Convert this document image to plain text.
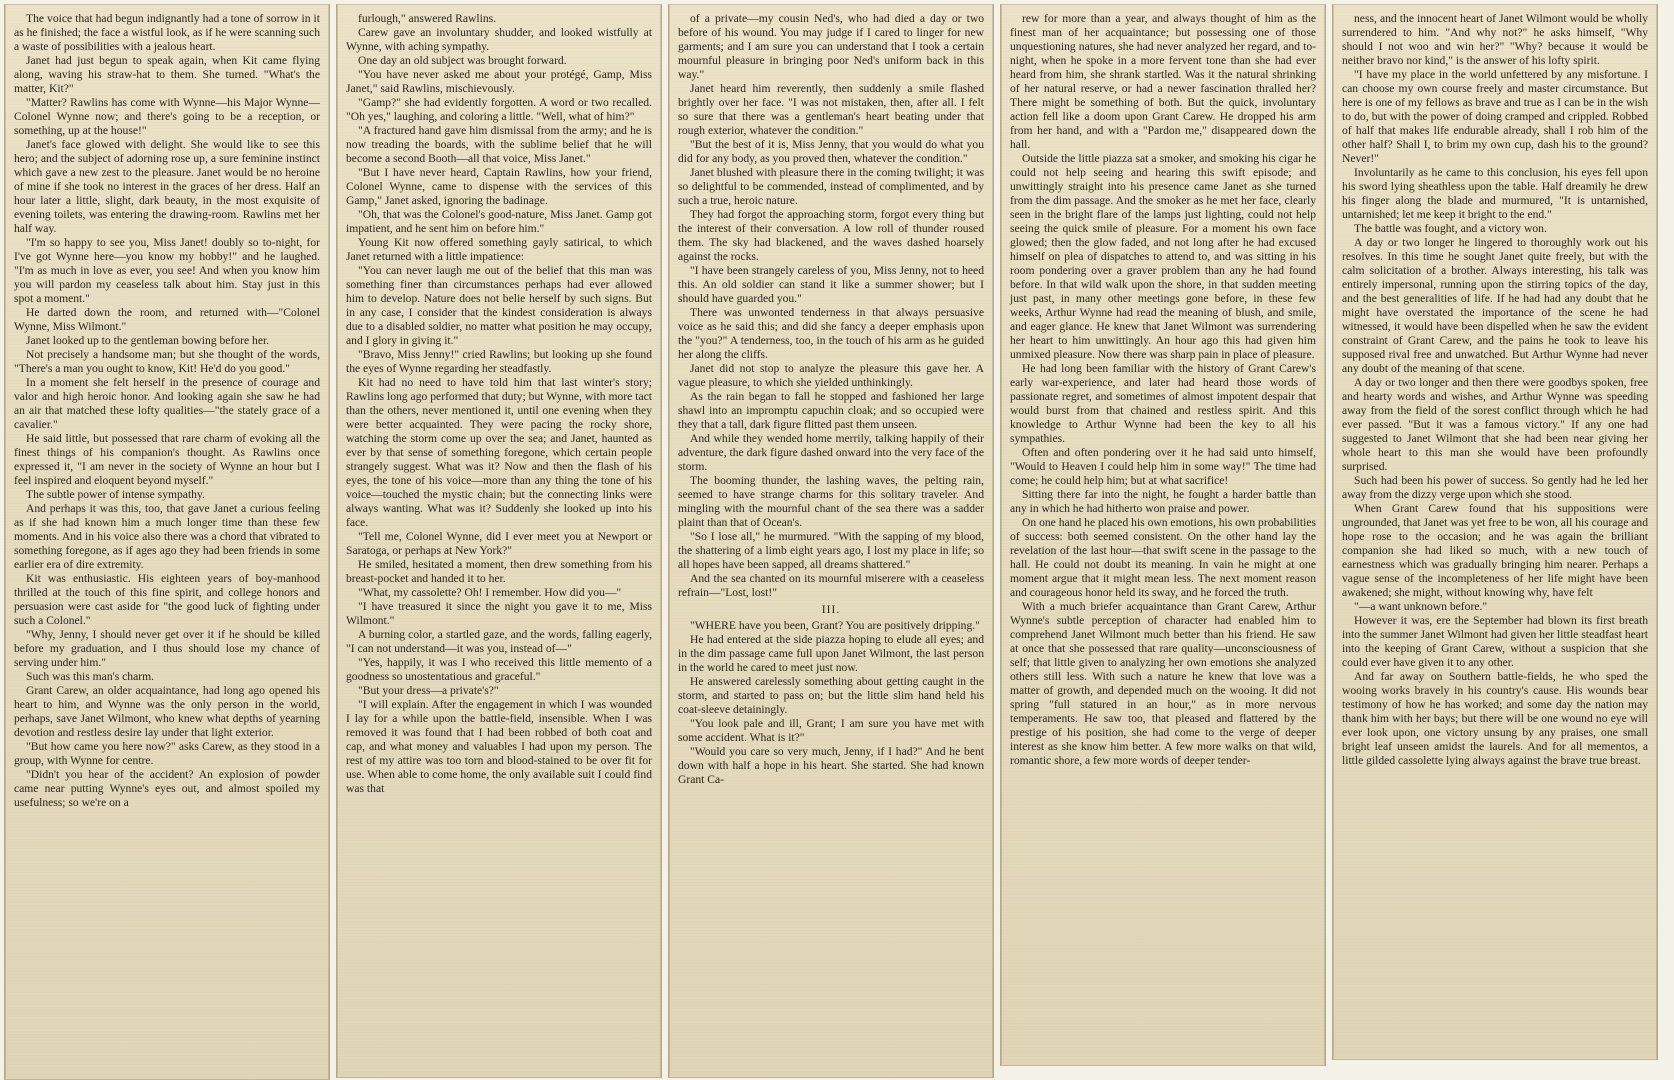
The voice that had begun indignantly had a tone of sorrow in it as he finished; the face a wistful look, as if he were scanning such a waste of possibilities with a jealous heart.

Janet had just begun to speak again, when Kit came flying along, waving his straw-hat to them. She turned. "What's the matter, Kit?"

"Matter? Rawlins has come with Wynne—his Major Wynne—Colonel Wynne now; and there's going to be a reception, or something, up at the house!"

Janet's face glowed with delight. She would like to see this hero; and the subject of adorning rose up, a sure feminine instinct which gave a new zest to the pleasure. Janet would be no heroine of mine if she took no interest in the graces of her dress. Half an hour later a little, slight, dark beauty, in the most exquisite of evening toilets, was entering the drawing-room. Rawlins met her half way.

"I'm so happy to see you, Miss Janet! doubly so to-night, for I've got Wynne here—you know my hobby!" and he laughed. "I'm as much in love as ever, you see! And when you know him you will pardon my ceaseless talk about him. Stay just in this spot a moment."

He darted down the room, and returned with—"Colonel Wynne, Miss Wilmont."

Janet looked up to the gentleman bowing before her.

Not precisely a handsome man; but she thought of the words, "There's a man you ought to know, Kit! He'd do you good."

In a moment she felt herself in the presence of courage and valor and high heroic honor. And looking again she saw he had an air that matched these lofty qualities—"the stately grace of a cavalier."

He said little, but possessed that rare charm of evoking all the finest things of his companion's thought. As Rawlins once expressed it, "I am never in the society of Wynne an hour but I feel inspired and eloquent beyond myself."

The subtle power of intense sympathy.

And perhaps it was this, too, that gave Janet a curious feeling as if she had known him a much longer time than these few moments. And in his voice also there was a chord that vibrated to something foregone, as if ages ago they had been friends in some earlier era of dire extremity.

Kit was enthusiastic. His eighteen years of boy-manhood thrilled at the touch of this fine spirit, and college honors and persuasion were cast aside for "the good luck of fighting under such a Colonel."

"Why, Jenny, I should never get over it if he should be killed before my graduation, and I thus should lose my chance of serving under him."

Such was this man's charm.

Grant Carew, an older acquaintance, had long ago opened his heart to him, and Wynne was the only person in the world, perhaps, save Janet Wilmont, who knew what depths of yearning devotion and restless desire lay under that light exterior.

"But how came you here now?" asks Carew, as they stood in a group, with Wynne for centre.

"Didn't you hear of the accident? An explosion of powder came near putting Wynne's eyes out, and almost spoiled my usefulness; so we're on a

furlough," answered Rawlins.

Carew gave an involuntary shudder, and looked wistfully at Wynne, with aching sympathy.

One day an old subject was brought forward.

"You have never asked me about your protégé, Gamp, Miss Janet," said Rawlins, mischievously.

"Gamp?" she had evidently forgotten. A word or two recalled. "Oh yes," laughing, and coloring a little. "Well, what of him?"

"A fractured hand gave him dismissal from the army; and he is now treading the boards, with the sublime belief that he will become a second Booth—all that voice, Miss Janet."

"But I have never heard, Captain Rawlins, how your friend, Colonel Wynne, came to dispense with the services of this Gamp," Janet asked, ignoring the badinage.

"Oh, that was the Colonel's good-nature, Miss Janet. Gamp got impatient, and he sent him on before him."

Young Kit now offered something gayly satirical, to which Janet returned with a little impatience:

"You can never laugh me out of the belief that this man was something finer than circumstances perhaps had ever allowed him to develop. Nature does not belie herself by such signs. But in any case, I consider that the kindest consideration is always due to a disabled soldier, no matter what position he may occupy, and I glory in giving it."

"Bravo, Miss Jenny!" cried Rawlins; but looking up she found the eyes of Wynne regarding her steadfastly.

Kit had no need to have told him that last winter's story; Rawlins long ago performed that duty; but Wynne, with more tact than the others, never mentioned it, until one evening when they were better acquainted. They were pacing the rocky shore, watching the storm come up over the sea; and Janet, haunted as ever by that sense of something foregone, which certain people strangely suggest. What was it? Now and then the flash of his eyes, the tone of his voice—more than any thing the tone of his voice—touched the mystic chain; but the connecting links were always wanting. What was it? Suddenly she looked up into his face.

"Tell me, Colonel Wynne, did I ever meet you at Newport or Saratoga, or perhaps at New York?"

He smiled, hesitated a moment, then drew something from his breast-pocket and handed it to her.

"What, my cassolette? Oh! I remember. How did you—"

"I have treasured it since the night you gave it to me, Miss Wilmont."

A burning color, a startled gaze, and the words, falling eagerly, "I can not understand—it was you, instead of—"

"Yes, happily, it was I who received this little memento of a goodness so unostentatious and graceful."

"But your dress—a private's?"

"I will explain. After the engagement in which I was wounded I lay for a while upon the battle-field, insensible. When I was removed it was found that I had been robbed of both coat and cap, and what money and valuables I had upon my person. The rest of my attire was too torn and blood-stained to be over fit for use. When able to come home, the only available suit I could find was that

of a private—my cousin Ned's, who had died a day or two before of his wound. You may judge if I cared to linger for new garments; and I am sure you can understand that I took a certain mournful pleasure in bringing poor Ned's uniform back in this way."

Janet heard him reverently, then suddenly a smile flashed brightly over her face. "I was not mistaken, then, after all. I felt so sure that there was a gentleman's heart beating under that rough exterior, whatever the condition."

"But the best of it is, Miss Jenny, that you would do what you did for any body, as you proved then, whatever the condition."

Janet blushed with pleasure there in the coming twilight; it was so delightful to be commended, instead of complimented, and by such a true, heroic nature.

They had forgot the approaching storm, forgot every thing but the interest of their conversation. A low roll of thunder roused them. The sky had blackened, and the waves dashed hoarsely against the rocks.

"I have been strangely careless of you, Miss Jenny, not to heed this. An old soldier can stand it like a summer shower; but I should have guarded you."

There was unwonted tenderness in that always persuasive voice as he said this; and did she fancy a deeper emphasis upon the "you?" A tenderness, too, in the touch of his arm as he guided her along the cliffs.

Janet did not stop to analyze the pleasure this gave her. A vague pleasure, to which she yielded unthinkingly.

As the rain began to fall he stopped and fashioned her large shawl into an impromptu capuchin cloak; and so occupied were they that a tall, dark figure flitted past them unseen.

And while they wended home merrily, talking happily of their adventure, the dark figure dashed onward into the very face of the storm.

The booming thunder, the lashing waves, the pelting rain, seemed to have strange charms for this solitary traveler. And mingling with the mournful chant of the sea there was a sadder plaint than that of Ocean's.

"So I lose all," he murmured. "With the sapping of my blood, the shattering of a limb eight years ago, I lost my place in life; so all hopes have been sapped, all dreams shattered."

And the sea chanted on its mournful miserere with a ceaseless refrain—"Lost, lost!"

III.

"WHERE have you been, Grant? You are positively dripping."

He had entered at the side piazza hoping to elude all eyes; and in the dim passage came full upon Janet Wilmont, the last person in the world he cared to meet just now.

He answered carelessly something about getting caught in the storm, and started to pass on; but the little slim hand held his coat-sleeve detainingly.

"You look pale and ill, Grant; I am sure you have met with some accident. What is it?"

"Would you care so very much, Jenny, if I had?" And he bent down with half a hope in his heart. She started. She had known Grant Ca-

rew for more than a year, and always thought of him as the finest man of her acquaintance; but possessing one of those unquestioning natures, she had never analyzed her regard, and to-night, when he spoke in a more fervent tone than she had ever heard from him, she shrank startled. Was it the natural shrinking of her natural reserve, or had a newer fascination thralled her? There might be something of both. But the quick, involuntary action fell like a doom upon Grant Carew. He dropped his arm from her hand, and with a "Pardon me," disappeared down the hall.

Outside the little piazza sat a smoker, and smoking his cigar he could not help seeing and hearing this swift episode; and unwittingly straight into his presence came Janet as she turned from the dim passage. And the smoker as he met her face, clearly seen in the bright flare of the lamps just lighting, could not help seeing the quick smile of pleasure. For a moment his own face glowed; then the glow faded, and not long after he had excused himself on plea of dispatches to attend to, and was sitting in his room pondering over a graver problem than any he had found before. In that wild walk upon the shore, in that sudden meeting just past, in many other meetings gone before, in these few weeks, Arthur Wynne had read the meaning of blush, and smile, and eager glance. He knew that Janet Wilmont was surrendering her heart to him unwittingly. An hour ago this had given him unmixed pleasure. Now there was sharp pain in place of pleasure.

He had long been familiar with the history of Grant Carew's early war-experience, and later had heard those words of passionate regret, and sometimes of almost impotent despair that would burst from that chained and restless spirit. And this knowledge to Arthur Wynne had been the key to all his sympathies.

Often and often pondering over it he had said unto himself, "Would to Heaven I could help him in some way!" The time had come; he could help him; but at what sacrifice!

Sitting there far into the night, he fought a harder battle than any in which he had hitherto won praise and power.

On one hand he placed his own emotions, his own probabilities of success: both seemed consistent. On the other hand lay the revelation of the last hour—that swift scene in the passage to the hall. He could not doubt its meaning. In vain he might at one moment argue that it might mean less. The next moment reason and courageous honor held its sway, and he forced the truth.

With a much briefer acquaintance than Grant Carew, Arthur Wynne's subtle perception of character had enabled him to comprehend Janet Wilmont much better than his friend. He saw at once that she possessed that rare quality—unconsciousness of self; that little given to analyzing her own emotions she analyzed others still less. With such a nature he knew that love was a matter of growth, and depended much on the wooing. It did not spring "full statured in an hour," as in more nervous temperaments. He saw too, that pleased and flattered by the prestige of his position, she had come to the verge of deeper interest as she know him better. A few more walks on that wild, romantic shore, a few more words of deeper tender-

ness, and the innocent heart of Janet Wilmont would be wholly surrendered to him. "And why not?" he asks himself, "Why should I not woo and win her?" "Why? because it would be neither bravo nor kind," is the answer of his lofty spirit.

"I have my place in the world unfettered by any misfortune. I can choose my own course freely and master circumstance. But here is one of my fellows as brave and true as I can be in the wish to do, but with the power of doing cramped and crippled. Robbed of half that makes life endurable already, shall I rob him of the other half? Shall I, to brim my own cup, dash his to the ground? Never!"

Involuntarily as he came to this conclusion, his eyes fell upon his sword lying sheathless upon the table. Half dreamily he drew his finger along the blade and murmured, "It is untarnished, untarnished; let me keep it bright to the end."

The battle was fought, and a victory won.

A day or two longer he lingered to thoroughly work out his resolves. In this time he sought Janet quite freely, but with the calm solicitation of a brother. Always interesting, his talk was entirely impersonal, running upon the stirring topics of the day, and the best generalities of life. If he had had any doubt that he might have overstated the importance of the scene he had witnessed, it would have been dispelled when he saw the evident constraint of Grant Carew, and the pains he took to leave his supposed rival free and unwatched. But Arthur Wynne had never any doubt of the meaning of that scene.

A day or two longer and then there were goodbys spoken, free and hearty words and wishes, and Arthur Wynne was speeding away from the field of the sorest conflict through which he had ever passed. "But it was a famous victory." If any one had suggested to Janet Wilmont that she had been near giving her whole heart to this man she would have been profoundly surprised.

Such had been his power of success. So gently had he led her away from the dizzy verge upon which she stood.

When Grant Carew found that his suppositions were ungrounded, that Janet was yet free to be won, all his courage and hope rose to the occasion; and he was again the brilliant companion she had liked so much, with a new touch of earnestness which was gradually bringing him nearer. Perhaps a vague sense of the incompleteness of her life might have been awakened; she might, without knowing why, have felt

"—a want unknown before."

However it was, ere the September had blown its first breath into the summer Janet Wilmont had given her little steadfast heart into the keeping of Grant Carew, without a suspicion that she could ever have given it to any other.

And far away on Southern battle-fields, he who sped the wooing works bravely in his country's cause. His wounds bear testimony of how he has worked; and some day the nation may thank him with her bays; but there will be one wound no eye will ever look upon, one victory unsung by any praises, one small bright leaf unseen amidst the laurels. And for all mementos, a little gilded cassolette lying always against the brave true breast.
